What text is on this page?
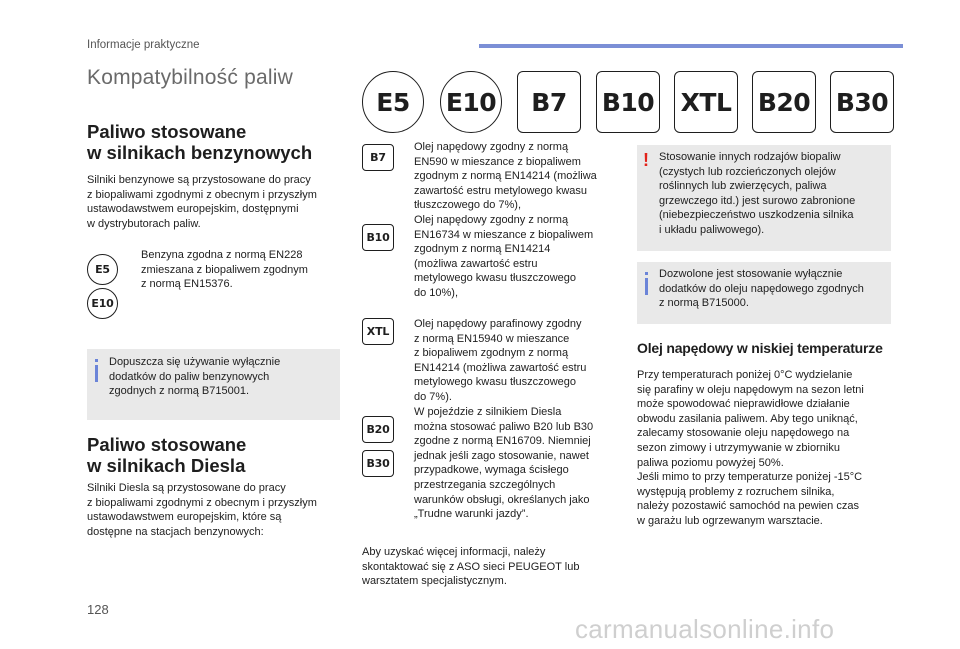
Informacje praktyczne
Kompatybilność paliw
E5	E10	B7	B10 XTL B20 B30
Paliwo stosowane
w silnikach benzynowych
Silniki benzynowe są przystosowane do pracy
z biopaliwami zgodnymi z obecnym i przyszłym
ustawodawstwem europejskim, dostępnymi
w dystrybutorach paliw.
E5
E10
Benzyna zgodna z normą EN228
zmieszana z biopaliwem zgodnym
z normą EN15376.
Dopuszcza się używanie wyłącznie
dodatków do paliw benzynowych
zgodnych z normą B715001.
Paliwo stosowane
w silnikach Diesla
Silniki Diesla są przystosowane do pracy
z biopaliwami zgodnymi z obecnym i przyszłym
ustawodawstwem europejskim, które są
dostępne na stacjach benzynowych:
B7
Olej napędowy zgodny z normą
EN590 w mieszance z biopaliwem
zgodnym z normą EN14214 (możliwa
zawartość estru metylowego kwasu
tłuszczowego do 7%),
B10
Olej napędowy zgodny z normą
EN16734 w mieszance z biopaliwem
zgodnym z normą EN14214
(możliwa zawartość estru
metylowego kwasu tłuszczowego
do 10%),
XTL
Olej napędowy parafinowy zgodny
z normą EN15940 w mieszance
z biopaliwem zgodnym z normą
EN14214 (możliwa zawartość estru
metylowego kwasu tłuszczowego
do 7%).
B20
B30
W pojeździe z silnikiem Diesla
można stosować paliwo B20 lub B30
zgodne z normą EN16709. Niemniej
jednak jeśli zago stosowanie, nawet
przypadkowe, wymaga ścisłego
przestrzegania szczególnych
warunków obsługi, określanych jako
„Trudne warunki jazdy”.
Aby uzyskać więcej informacji, należy
skontaktować się z ASO sieci PEUGEOT lub
warsztatem specjalistycznym.
! Stosowanie innych rodzajów biopaliw
(czystych lub rozcieńczonych olejów
roślinnych lub zwierzęcych, paliwa
grzewczego itd.) jest surowo zabronione
(niebezpieczeństwo uszkodzenia silnika
i układu paliwowego).
Dozwolone jest stosowanie wyłącznie
dodatków do oleju napędowego zgodnych
z normą B715000.
Olej napędowy w niskiej temperaturze
Przy temperaturach poniżej 0°C wydzielanie
się parafiny w oleju napędowym na sezon letni
może spowodować nieprawidłowe działanie
obwodu zasilania paliwem. Aby tego uniknąć,
zalecamy stosowanie oleju napędowego na
sezon zimowy i utrzymywanie w zbiorniku
paliwa poziomu powyżej 50%.
Jeśli mimo to przy temperaturze poniżej -15°C
występują problemy z rozruchem silnika,
należy pozostawić samochód na pewien czas
w garażu lub ogrzewanym warsztacie.
128
carmanualsonline.info
